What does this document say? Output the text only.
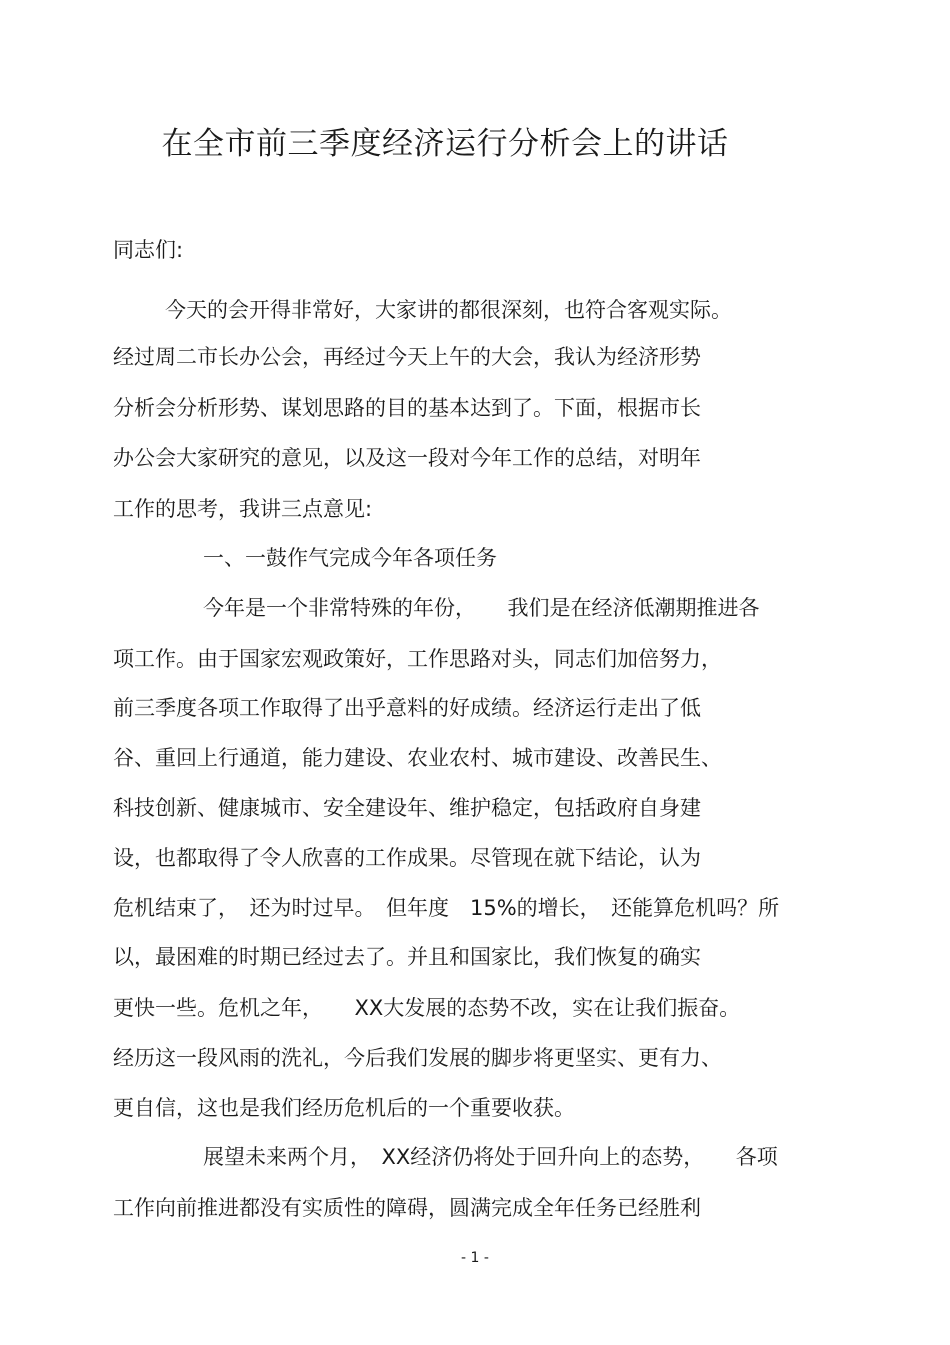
在全市前三季度经济运行分析会上的讲话

同志们:

今天的会开得非常好，大家讲的都很深刻，也符合客观实际。

经过周二市长办公会，再经过今天上午的大会，我认为经济形势

分析会分析形势、谋划思路的目的基本达到了。下面，根据市长

办公会大家研究的意见，以及这一段对今年工作的总结，对明年

工作的思考，我讲三点意见:

一、一鼓作气完成今年各项任务

今年是一个非常特殊的年份，　　我们是在经济低潮期推进各

项工作。由于国家宏观政策好，工作思路对头，同志们加倍努力，

前三季度各项工作取得了出乎意料的好成绩。经济运行走出了低

谷、重回上行通道，能力建设、农业农村、城市建设、改善民生、

科技创新、健康城市、安全建设年、维护稳定，包括政府自身建

设，也都取得了令人欣喜的工作成果。尽管现在就下结论，认为

危机结束了，　还为时过早。　但年度　15%的增长，　还能算危机吗？所

以，最困难的时期已经过去了。并且和国家比，我们恢复的确实

更快一些。危机之年，　　XX大发展的态势不改，实在让我们振奋。

经历这一段风雨的洗礼，今后我们发展的脚步将更坚实、更有力、

更自信，这也是我们经历危机后的一个重要收获。

展望未来两个月，　XX经济仍将处于回升向上的态势，　　各项

工作向前推进都没有实质性的障碍，圆满完成全年任务已经胜利

- 1 -
